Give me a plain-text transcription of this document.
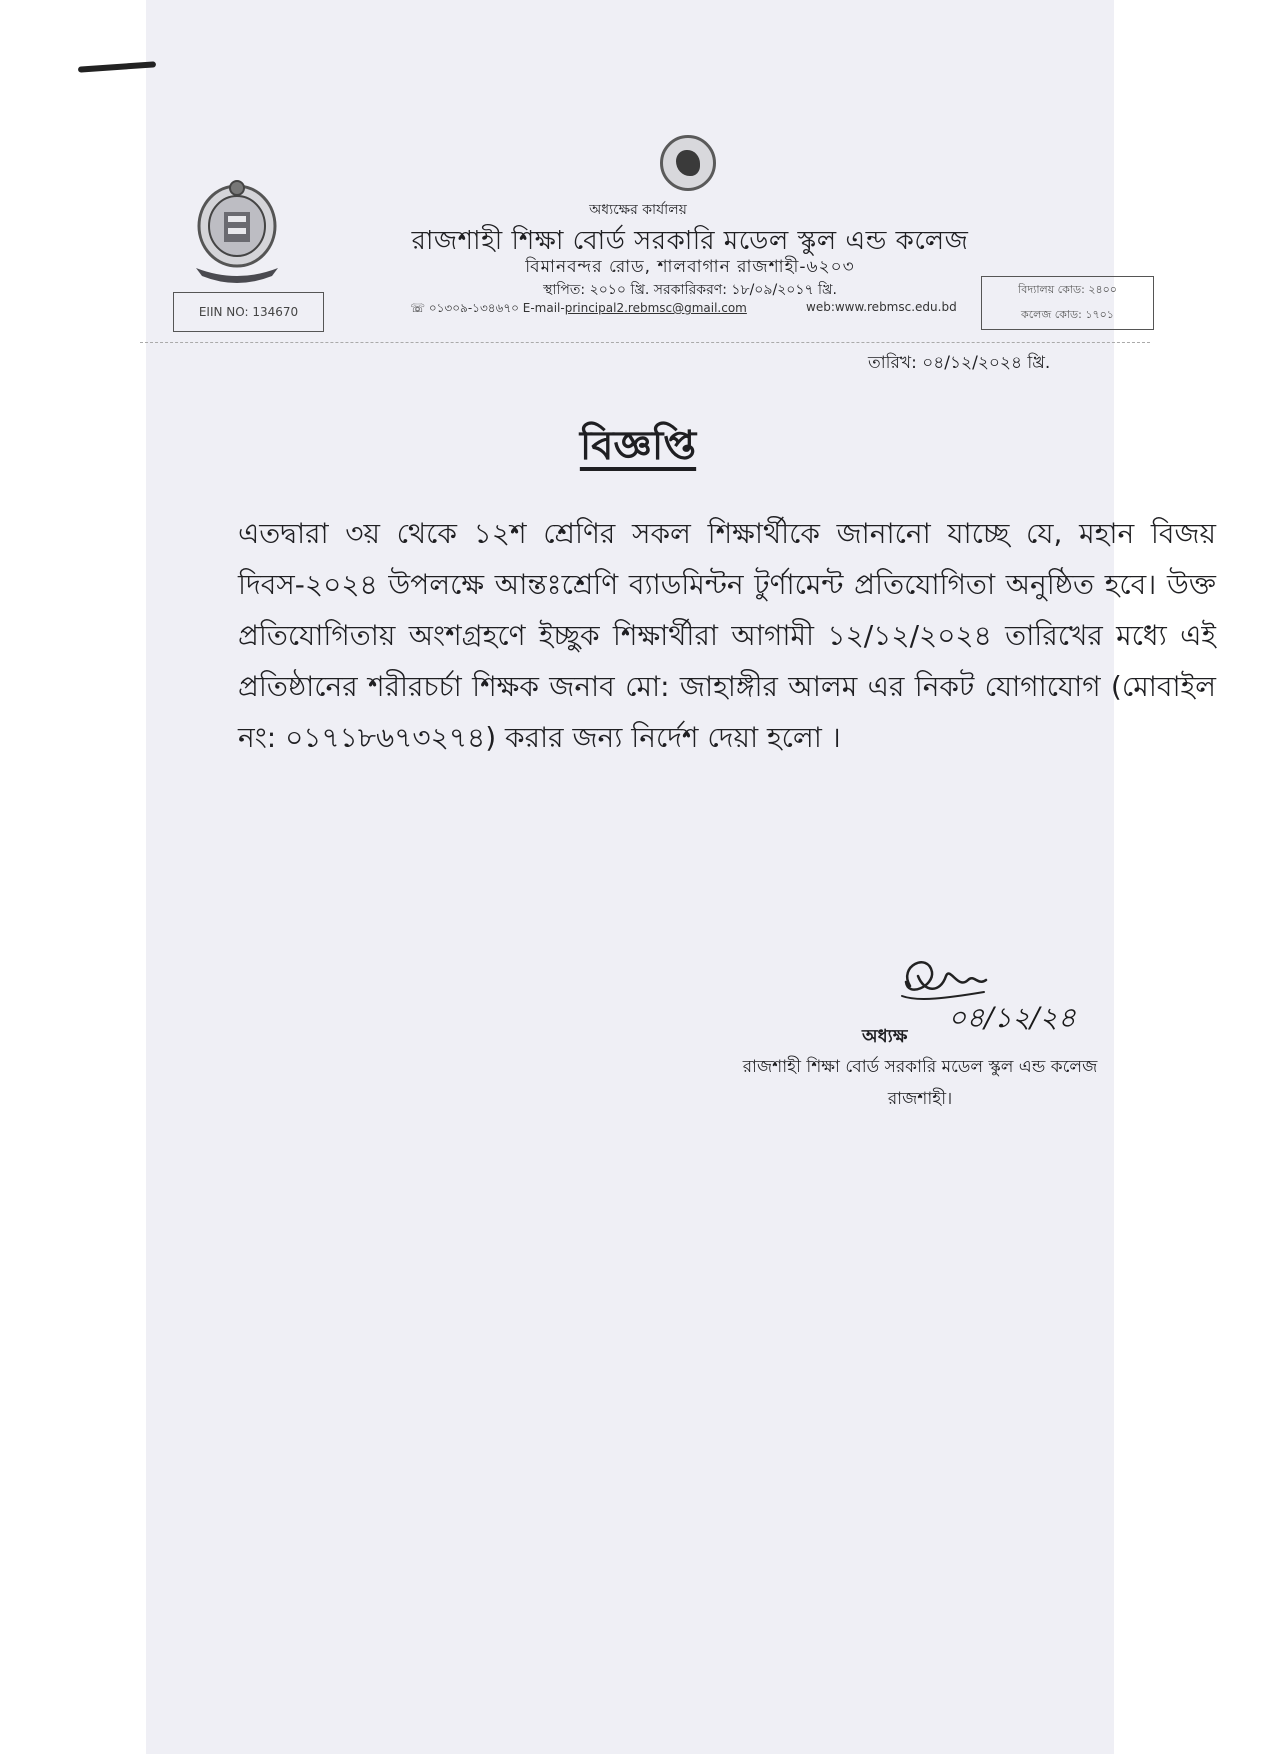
অধ্যক্ষের কার্যালয়
রাজশাহী শিক্ষা বোর্ড সরকারি মডেল স্কুল এন্ড কলেজ
বিমানবন্দর রোড, শালবাগান রাজশাহী-৬২০৩
স্থাপিত: ২০১০ খ্রি. সরকারিকরণ: ১৮/০৯/২০১৭ খ্রি.
☏ ০১৩০৯-১৩৪৬৭০ E-mail-principal2.rebmsc@gmail.com	web:www.rebmsc.edu.bd
EIIN NO: 134670
বিদ্যালয় কোড: ২৪০০
কলেজ কোড: ১৭০১
তারিখ: ০৪/১২/২০২৪ খ্রি.
বিজ্ঞপ্তি

এতদ্বারা ৩য় থেকে ১২শ শ্রেণির সকল শিক্ষার্থীকে জানানো যাচ্ছে যে, মহান বিজয় দিবস-২০২৪ উপলক্ষে আন্তঃশ্রেণি ব্যাডমিন্টন টুর্ণামেন্ট প্রতিযোগিতা অনুষ্ঠিত হবে। উক্ত প্রতিযোগিতায় অংশগ্রহণে ইচ্ছুক শিক্ষার্থীরা আগামী ১২/১২/২০২৪ তারিখের মধ্যে এই প্রতিষ্ঠানের শরীরচর্চা শিক্ষক জনাব মো: জাহাঙ্গীর আলম এর নিকট যোগাযোগ (মোবাইল নং: ০১৭১৮৬৭৩২৭৪) করার জন্য নির্দেশ দেয়া হলো ।

০৪/১২/২৪
অধ্যক্ষ
রাজশাহী শিক্ষা বোর্ড সরকারি মডেল স্কুল এন্ড কলেজ
রাজশাহী।
